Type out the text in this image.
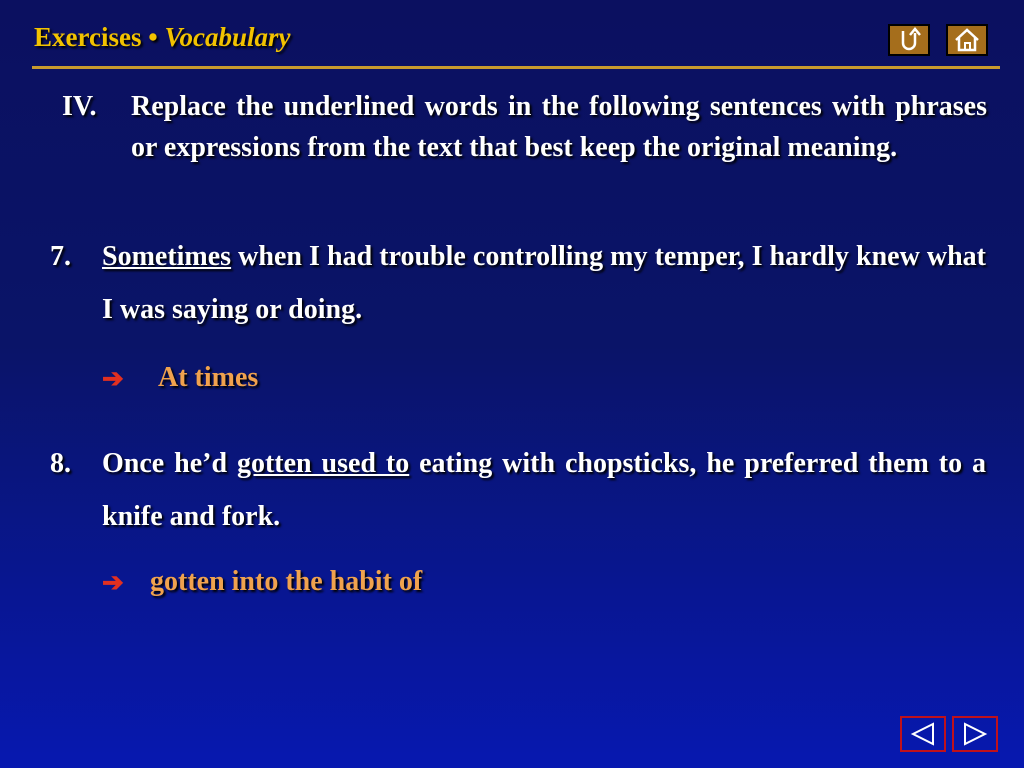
Exercises • Vocabulary
IV. Replace the underlined words in the following sentences with phrases or expressions from the text that best keep the original meaning.
7. Sometimes when I had trouble controlling my temper, I hardly knew what I was saying or doing.
➔ At times
8. Once he’d gotten used to eating with chopsticks, he preferred them to a knife and fork.
➔ gotten into the habit of
